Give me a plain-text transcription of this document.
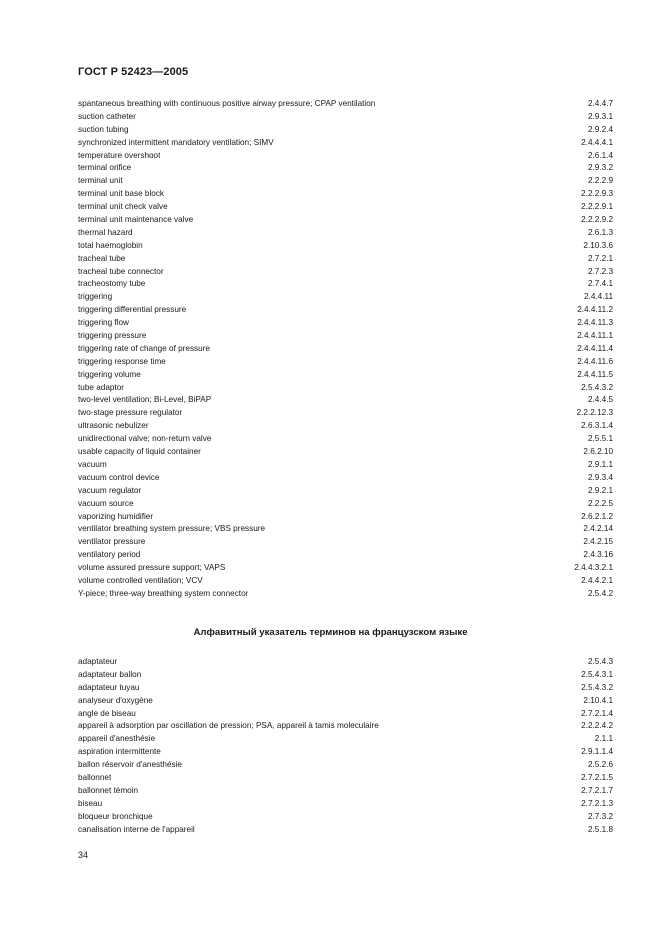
ГОСТ Р 52423—2005
spantaneous breathing with continuous positive airway pressure; CPAP ventilation	2.4.4.7
suction catheter	2.9.3.1
suction tubing	2.9.2.4
synchronized intermittent mandatory ventilation; SIMV	2.4.4.4.1
temperature overshoot	2.6.1.4
terminal orifice	2.9.3.2
terminal unit	2.2.2.9
terminal unit base block	2.2.2.9.3
terminal unit check valve	2.2.2.9.1
terminal unit maintenance valve	2.2.2.9.2
thermal hazard	2.6.1.3
total haemoglobin	2.10.3.6
tracheal tube	2.7.2.1
tracheal tube connector	2.7.2.3
tracheostomy tube	2.7.4.1
triggering	2.4.4.11
triggering differential pressure	2.4.4.11.2
triggering flow	2.4.4.11.3
triggering pressure	2.4.4.11.1
triggering rate of change of pressure	2.4.4.11.4
triggering response time	2.4.4.11.6
triggering volume	2.4.4.11.5
tube adaptor	2.5.4.3.2
two-level ventilation; Bi-Level, BiPAP	2.4.4.5
two-stage pressure regulator	2.2.2.12.3
ultrasonic nebulizer	2.6.3.1.4
unidirectional valve; non-return valve	2.5.5.1
usable capacity of liquid container	2.6.2.10
vacuum	2.9.1.1
vacuum control device	2.9.3.4
vacuum regulator	2.9.2.1
vacuum source	2.2.2.5
vaporizing humidifier	2.6.2.1.2
ventilator breathing system pressure; VBS pressure	2.4.2.14
ventilator pressure	2.4.2.15
ventilatory period	2.4.3.16
volume assured pressure support; VAPS	2.4.4.3.2.1
volume controlled ventilation; VCV	2.4.4.2.1
Y-piece; three-way breathing system connector	2.5.4.2
Алфавитный указатель терминов на французском языке
adaptateur	2.5.4.3
adaptateur ballon	2.5.4.3.1
adaptateur tuyau	2.5.4.3.2
analyseur d'oxygène	2.10.4.1
angle de biseau	2.7.2.1.4
appareil à adsorption par oscillation de pression; PSA, appareil à tamis moleculaire	2.2.2.4.2
appareil d'anesthésie	2.1.1
aspiration intermittente	2.9.1.1.4
ballon réservoir d'anesthésie	2.5.2.6
ballonnet	2.7.2.1.5
ballonnet témoin	2.7.2.1.7
biseau	2.7.2.1.3
bloqueur bronchique	2.7.3.2
canalisation interne de l'appareil	2.5.1.8
34
